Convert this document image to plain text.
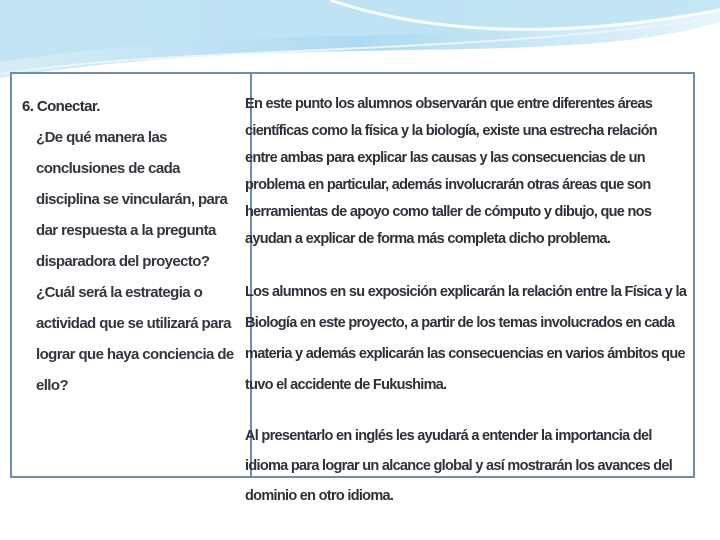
6. Conectar.
¿De qué manera las conclusiones de cada disciplina se vincularán, para dar respuesta a la pregunta disparadora del proyecto?
¿Cuál será la estrategia o actividad que se utilizará para lograr que haya conciencia de ello?

En este punto los alumnos observarán que entre diferentes áreas científicas como la física y la biología, existe una estrecha relación entre ambas para explicar las causas y las consecuencias de un problema en particular, además involucrarán otras áreas que son herramientas de apoyo como taller de cómputo y dibujo, que nos ayudan a explicar de forma más completa dicho problema.

Los alumnos en su exposición explicarán la relación entre la Física y la Biología en este proyecto, a partir de los temas involucrados en cada materia y además explicarán las consecuencias en varios ámbitos que tuvo el accidente de Fukushima.

Al presentarlo en inglés les ayudará a entender la importancia del idioma para lograr un alcance global y así mostrarán los avances del dominio en otro idioma.
